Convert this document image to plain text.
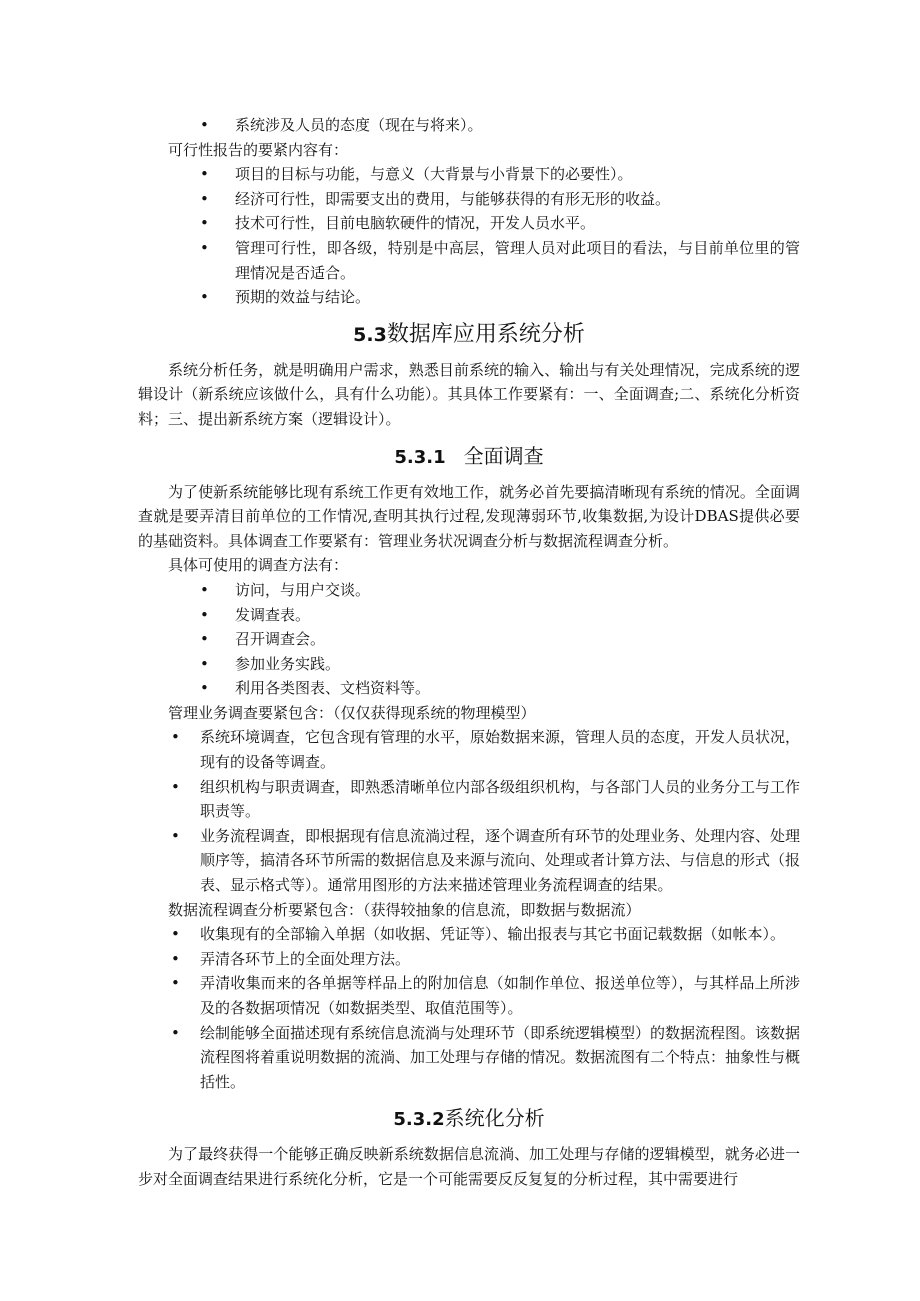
• 系统涉及人员的态度（现在与将来）。

可行性报告的要紧内容有：

• 项目的目标与功能，与意义（大背景与小背景下的必要性）。
• 经济可行性，即需要支出的费用，与能够获得的有形无形的收益。
• 技术可行性，目前电脑软硬件的情况，开发人员水平。
• 管理可行性，即各级，特别是中高层，管理人员对此项目的看法，与目前单位里的管理情况是否适合。
• 预期的效益与结论。
5.3数据库应用系统分析

系统分析任务，就是明确用户需求，熟悉目前系统的输入、输出与有关处理情况，完成系统的逻辑设计（新系统应该做什么，具有什么功能）。其具体工作要紧有：一、全面调查;二、系统化分析资料；三、提出新系统方案（逻辑设计）。

5.3.1 全面调查

为了使新系统能够比现有系统工作更有效地工作，就务必首先要搞清晰现有系统的情况。全面调查就是要弄清目前单位的工作情况,查明其执行过程,发现薄弱环节,收集数据,为设计DBAS提供必要的基础资料。具体调查工作要紧有：管理业务状况调查分析与数据流程调查分析。

具体可使用的调查方法有：

• 访问，与用户交谈。
• 发调查表。
• 召开调查会。
• 参加业务实践。
• 利用各类图表、文档资料等。

管理业务调查要紧包含：（仅仅获得现系统的物理模型）

• 系统环境调查，它包含现有管理的水平，原始数据来源，管理人员的态度，开发人员状况，现有的设备等调查。
• 组织机构与职责调查，即熟悉清晰单位内部各级组织机构，与各部门人员的业务分工与工作职责等。
• 业务流程调查，即根据现有信息流淌过程，逐个调查所有环节的处理业务、处理内容、处理顺序等，搞清各环节所需的数据信息及来源与流向、处理或者计算方法、与信息的形式（报表、显示格式等）。通常用图形的方法来描述管理业务流程调查的结果。

数据流程调查分析要紧包含：（获得较抽象的信息流，即数据与数据流）

• 收集现有的全部输入单据（如收据、凭证等）、输出报表与其它书面记载数据（如帐本）。
• 弄清各环节上的全面处理方法。
• 弄清收集而来的各单据等样品上的附加信息（如制作单位、报送单位等），与其样品上所涉及的各数据项情况（如数据类型、取值范围等）。
• 绘制能够全面描述现有系统信息流淌与处理环节（即系统逻辑模型）的数据流程图。该数据流程图将着重说明数据的流淌、加工处理与存储的情况。数据流图有二个特点：抽象性与概括性。
5.3.2系统化分析

为了最终获得一个能够正确反映新系统数据信息流淌、加工处理与存储的逻辑模型，就务必进一步对全面调查结果进行系统化分析，它是一个可能需要反反复复的分析过程，其中需要进行
